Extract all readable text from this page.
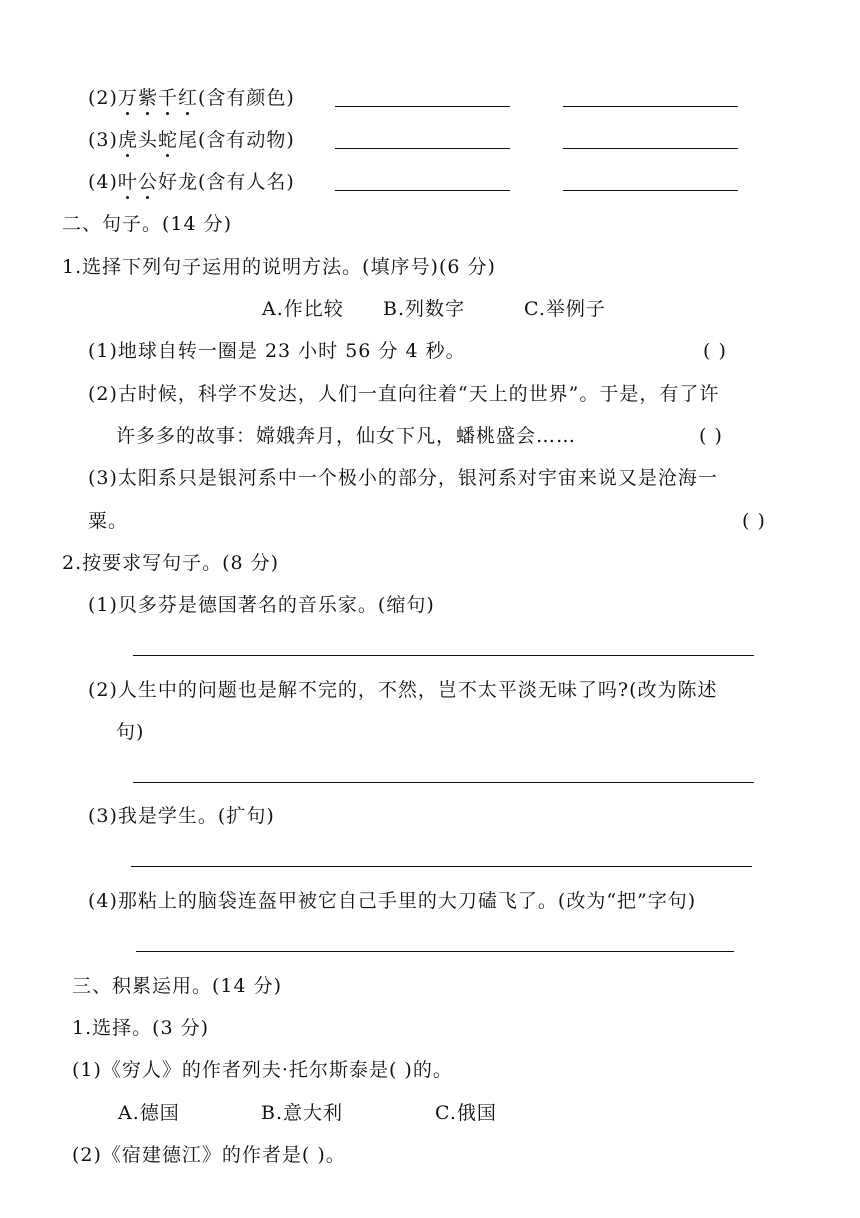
(2)万紫千红(含有颜色)
(3)虎头蛇尾(含有动物)
(4)叶公好龙(含有人名)
二、句子。(14 分)
1.选择下列句子运用的说明方法。(填序号)(6 分)
A.作比较 B.列数字	C.举例子
(1)地球自转一圈是 23 小时 56 分 4 秒。	( )
(2)古时候，科学不发达，人们一直向往着“天上的世界”。于是，有了许
许多多的故事：嫦娥奔月，仙女下凡，蟠桃盛会……	( )
(3)太阳系只是银河系中一个极小的部分，银河系对宇宙来说又是沧海一
粟。	( )
2.按要求写句子。(8 分)
(1)贝多芬是德国著名的音乐家。(缩句)
(2)人生中的问题也是解不完的，不然，岂不太平淡无味了吗?(改为陈述
句)
(3)我是学生。(扩句)
(4)那粘上的脑袋连盔甲被它自己手里的大刀磕飞了。(改为“把”字句)
三、积累运用。(14 分)
1.选择。(3 分)
(1)《穷人》的作者列夫·托尔斯泰是( )的。
A.德国	B.意大利	C.俄国
(2)《宿建德江》的作者是( )。
